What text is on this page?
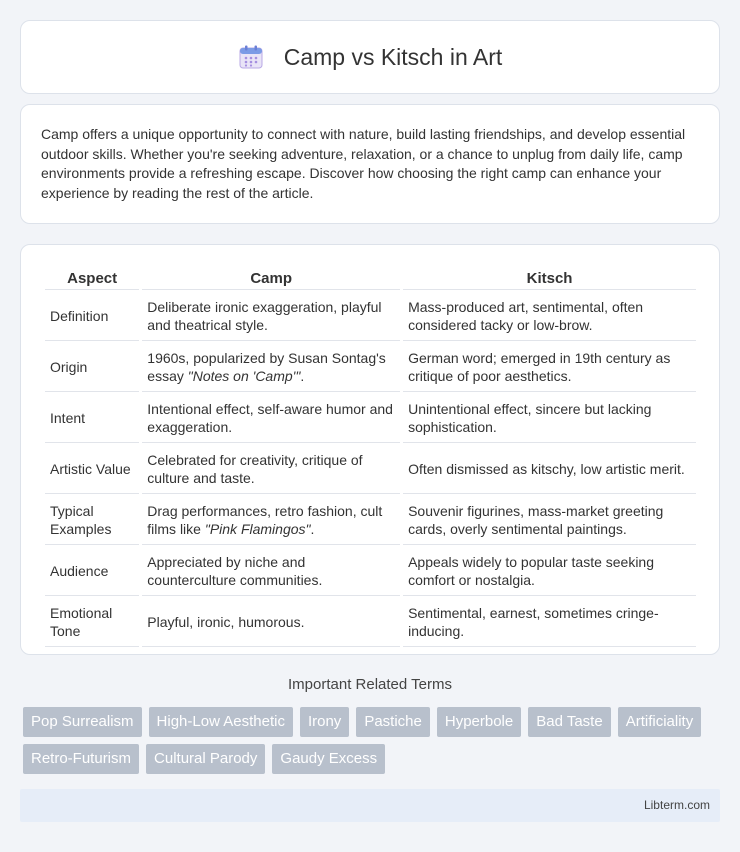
Camp vs Kitsch in Art

Camp offers a unique opportunity to connect with nature, build lasting friendships, and develop essential outdoor skills. Whether you're seeking adventure, relaxation, or a chance to unplug from daily life, camp environments provide a refreshing escape. Discover how choosing the right camp can enhance your experience by reading the rest of the article.

Aspect	Camp	Kitsch
Definition	Deliberate ironic exaggeration, playful and theatrical style.	Mass-produced art, sentimental, often considered tacky or low-brow.
Origin	1960s, popularized by Susan Sontag's essay "Notes on 'Camp'".	German word; emerged in 19th century as critique of poor aesthetics.
Intent	Intentional effect, self-aware humor and exaggeration.	Unintentional effect, sincere but lacking sophistication.
Artistic Value	Celebrated for creativity, critique of culture and taste.	Often dismissed as kitschy, low artistic merit.
Typical Examples	Drag performances, retro fashion, cult films like "Pink Flamingos".	Souvenir figurines, mass-market greeting cards, overly sentimental paintings.
Audience	Appreciated by niche and counterculture communities.	Appeals widely to popular taste seeking comfort or nostalgia.
Emotional Tone	Playful, ironic, humorous.	Sentimental, earnest, sometimes cringe-inducing.
Important Related Terms
Pop Surrealism	High-Low Aesthetic	Irony	Pastiche	Hyperbole	Bad Taste	Artificiality
Retro-Futurism	Cultural Parody	Gaudy Excess
Libterm.com
